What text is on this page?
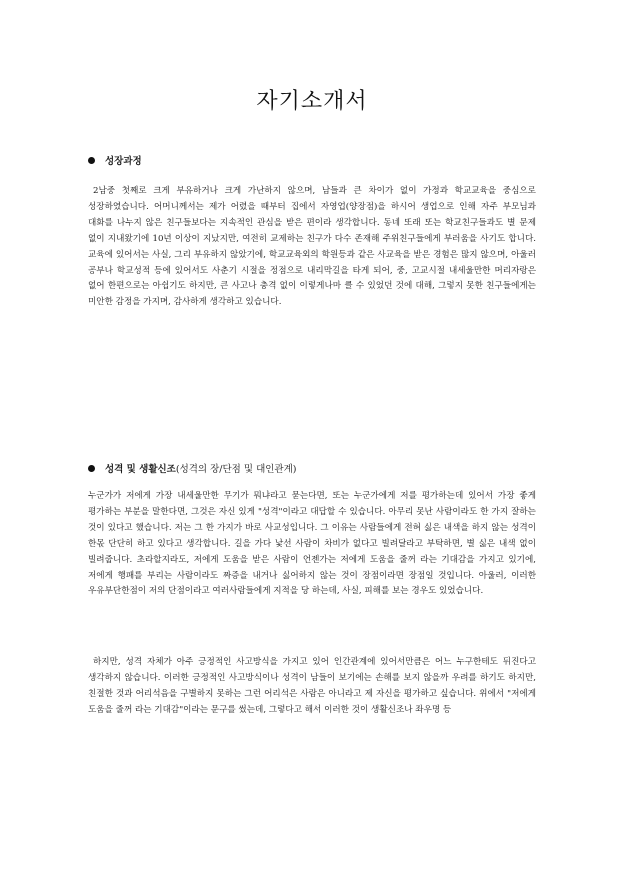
자기소개서
성장과정

2남중 첫째로 크게 부유하거나 크게 가난하지 않으며, 남들과 큰 차이가 없이 가정과 학교교육을 중심으로 성장하였습니다. 어머니께서는 제가 어렸을 때부터 집에서 자영업(양장점)을 하시어 생업으로 인해 자주 부모님과 대화를 나누지 않은 친구들보다는 지속적인 관심을 받은 편이라 생각합니다. 동네 또래 또는 학교친구들과도 별 문제 없이 지내왔기에 10년 이상이 지났지만, 여전히 교제하는 친구가 다수 존재해 주위친구들에게 부러움을 사기도 합니다. 교육에 있어서는 사실, 그리 부유하지 않았기에, 학교교육외의 학원등과 같은 사교육을 받은 경험은 많지 않으며, 아울러 공부나 학교성적 등에 있어서도 사춘기 시절을 정점으로 내리막길을 타게 되어, 중, 고교시절 내세울만한 머리자랑은 없어 한편으로는 아쉽기도 하지만, 큰 사고나 충격 없이 이렇게나마 클 수 있었던 것에 대해, 그렇지 못한 친구들에게는 미안한 감정을 가지며, 감사하게 생각하고 있습니다.

성격 및 생활신조 (성격의 장/단점 및 대인관계)

누군가가 저에게 가장 내세울만한 무기가 뭐냐라고 묻는다면, 또는 누군가에게 저를 평가하는데 있어서 가장 좋게 평가하는 부분을 말한다면, 그것은 자신 있게 "성격"이라고 대답할 수 있습니다. 아무리 못난 사람이라도 한 가지 잘하는 것이 있다고 했습니다. 저는 그 한 가지가 바로 사교성입니다. 그 이유는 사람들에게 전혀 싫은 내색을 하지 않는 성격이 한몫 단단히 하고 있다고 생각합니다. 길을 가다 낯선 사람이 차비가 없다고 빌려달라고 부탁하면, 별 싫은 내색 없이 빌려줍니다. 초라할지라도, 저에게 도움을 받은 사람이 언젠가는 저에게 도움을 줄꺼 라는 기대감을 가지고 있기에, 저에게 행패를 부리는 사람이라도 짜증을 내거나 싫어하지 않는 것이 장점이라면 장점일 것입니다. 아울러, 이러한 우유부단한점이 저의 단점이라고 여러사람들에게 지적을 당 하는데, 사실, 피해를 보는 경우도 있었습니다.

하지만, 성격 자체가 아주 긍정적인 사고방식을 가지고 있어 인간관계에 있어서만큼은 어느 누구한테도 뒤진다고 생각하지 않습니다. 이러한 긍정적인 사고방식이나 성격이 남들이 보기에는 손해를 보지 않을까 우려를 하기도 하지만, 친절한 것과 어리석음을 구별하지 못하는 그런 어리석은 사람은 아니라고 제 자신을 평가하고 싶습니다. 위에서 "저에게 도움을 줄꺼 라는 기대감"이라는 문구를 썼는데, 그렇다고 해서 이러한 것이 생활신조나 좌우명 등
